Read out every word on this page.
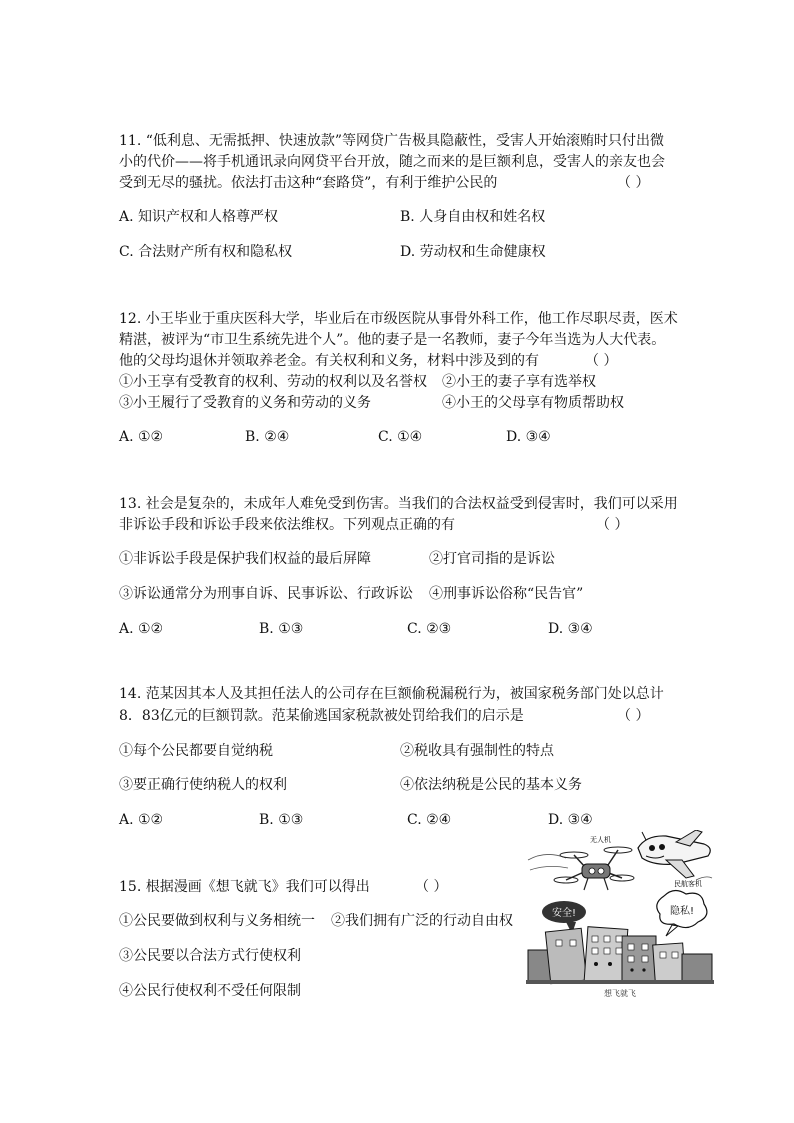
11. “低利息、无需抵押、快速放款”等网贷广告极具隐蔽性，受害人开始滚贿时只付出微
小的代价——将手机通讯录向网贷平台开放，随之而来的是巨额利息，受害人的亲友也会
受到无尽的骚扰。依法打击这种“套路贷”，有利于维护公民的	（ ）
A. 知识产权和人格尊严权	B. 人身自由权和姓名权
C. 合法财产所有权和隐私权	D. 劳动权和生命健康权
12. 小王毕业于重庆医科大学，毕业后在市级医院从事骨外科工作，他工作尽职尽责，医术
精湛，被评为“市卫生系统先进个人”。他的妻子是一名教师，妻子今年当选为人大代表。
他的父母均退休并领取养老金。有关权利和义务，材料中涉及到的有	（ ）
①小王享有受教育的权利、劳动的权利以及名誉权 ②小王的妻子享有选举权
③小王履行了受教育的义务和劳动的义务	④小王的父母享有物质帮助权
A. ①②	B. ②④	C. ①④	D. ③④
13. 社会是复杂的，未成年人难免受到伤害。当我们的合法权益受到侵害时，我们可以采用
非诉讼手段和诉讼手段来依法维权。下列观点正确的有	（ ）
①非诉讼手段是保护我们权益的最后屏障	②打官司指的是诉讼
③诉讼通常分为刑事自诉、民事诉讼、行政诉讼 ④刑事诉讼俗称“民告官”
A. ①②	B. ①③	C. ②③	D. ③④
14. 范某因其本人及其担任法人的公司存在巨额偷税漏税行为，被国家税务部门处以总计
8．83亿元的巨额罚款。范某偷逃国家税款被处罚给我们的启示是	（ ）
①每个公民都要自觉纳税	②税收具有强制性的特点
③要正确行使纳税人的权利	④依法纳税是公民的基本义务
A. ①②	B. ①③	C. ②④	D. ③④
15. 根据漫画《想飞就飞》我们可以得出	（ ）
①公民要做到权利与义务相统一 ②我们拥有广泛的行动自由权
③公民要以合法方式行使权利
④公民行使权利不受任何限制
无人机
民航客机
安全!	隐私!
想飞就飞
